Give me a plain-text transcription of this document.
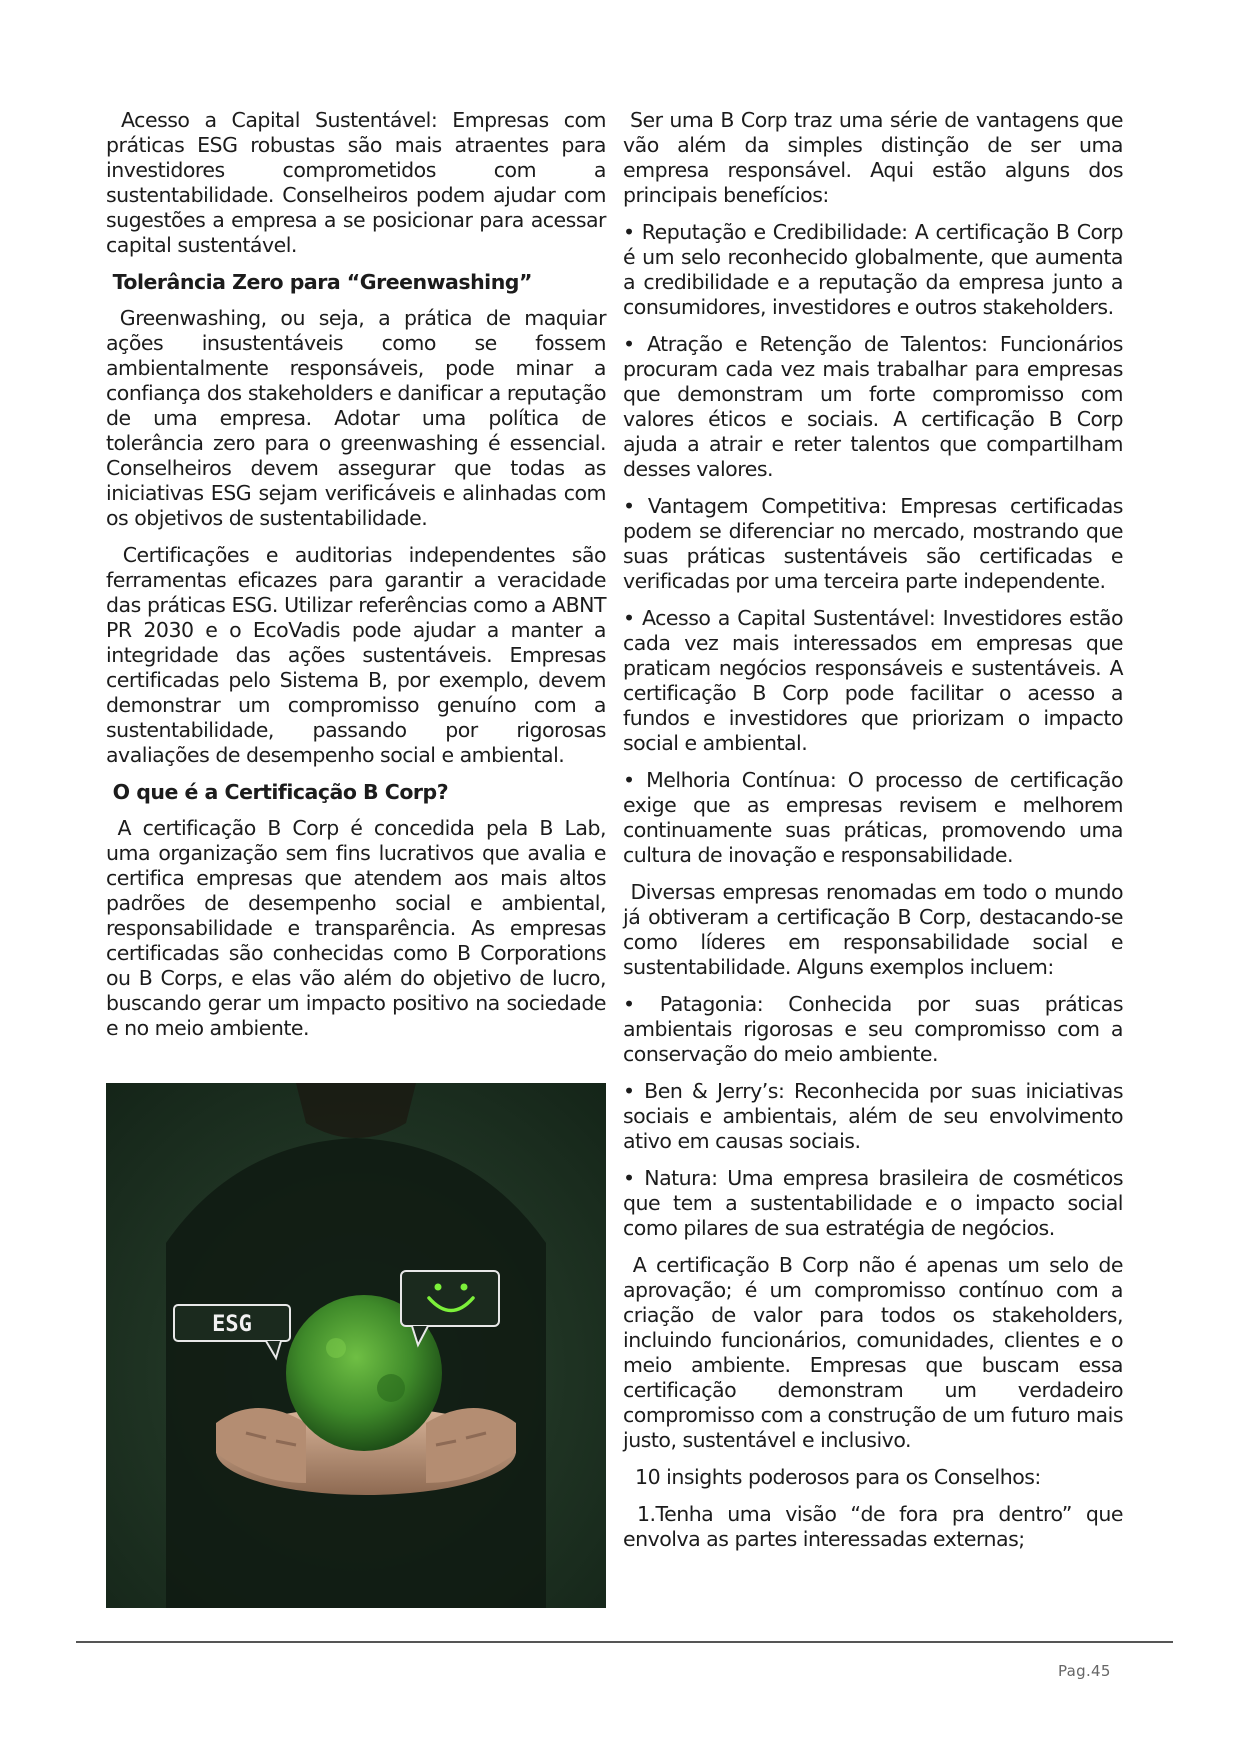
Acesso a Capital Sustentável: Empresas com práticas ESG robustas são mais atraentes para investidores comprometidos com a sustentabilidade. Conselheiros podem ajudar com sugestões a empresa a se posicionar para acessar capital sustentável.

Tolerância Zero para “Greenwashing”

Greenwashing, ou seja, a prática de maquiar ações insustentáveis como se fossem ambientalmente responsáveis, pode minar a confiança dos stakeholders e danificar a reputação de uma empresa. Adotar uma política de tolerância zero para o greenwashing é essencial. Conselheiros devem assegurar que todas as iniciativas ESG sejam verificáveis e alinhadas com os objetivos de sustentabilidade.

Certificações e auditorias independentes são ferramentas eficazes para garantir a veracidade das práticas ESG. Utilizar referências como a ABNT PR 2030 e o EcoVadis pode ajudar a manter a integridade das ações sustentáveis. Empresas certificadas pelo Sistema B, por exemplo, devem demonstrar um compromisso genuíno com a sustentabilidade, passando por rigorosas avaliações de desempenho social e ambiental.

O que é a Certificação B Corp?

A certificação B Corp é concedida pela B Lab, uma organização sem fins lucrativos que avalia e certifica empresas que atendem aos mais altos padrões de desempenho social e ambiental, responsabilidade e transparência. As empresas certificadas são conhecidas como B Corporations ou B Corps, e elas vão além do objetivo de lucro, buscando gerar um impacto positivo na sociedade e no meio ambiente.

ESG

Ser uma B Corp traz uma série de vantagens que vão além da simples distinção de ser uma empresa responsável. Aqui estão alguns dos principais benefícios:

• Reputação e Credibilidade: A certificação B Corp é um selo reconhecido globalmente, que aumenta a credibilidade e a reputação da empresa junto a consumidores, investidores e outros stakeholders.

• Atração e Retenção de Talentos: Funcionários procuram cada vez mais trabalhar para empresas que demonstram um forte compromisso com valores éticos e sociais. A certificação B Corp ajuda a atrair e reter talentos que compartilham desses valores.

• Vantagem Competitiva: Empresas certificadas podem se diferenciar no mercado, mostrando que suas práticas sustentáveis são certificadas e verificadas por uma terceira parte independente.

• Acesso a Capital Sustentável: Investidores estão cada vez mais interessados em empresas que praticam negócios responsáveis e sustentáveis. A certificação B Corp pode facilitar o acesso a fundos e investidores que priorizam o impacto social e ambiental.

• Melhoria Contínua: O processo de certificação exige que as empresas revisem e melhorem continuamente suas práticas, promovendo uma cultura de inovação e responsabilidade.

Diversas empresas renomadas em todo o mundo já obtiveram a certificação B Corp, destacando-se como líderes em responsabilidade social e sustentabilidade. Alguns exemplos incluem:

• Patagonia: Conhecida por suas práticas ambientais rigorosas e seu compromisso com a conservação do meio ambiente.

• Ben & Jerry’s: Reconhecida por suas iniciativas sociais e ambientais, além de seu envolvimento ativo em causas sociais.

• Natura: Uma empresa brasileira de cosméticos que tem a sustentabilidade e o impacto social como pilares de sua estratégia de negócios.

A certificação B Corp não é apenas um selo de aprovação; é um compromisso contínuo com a criação de valor para todos os stakeholders, incluindo funcionários, comunidades, clientes e o meio ambiente. Empresas que buscam essa certificação demonstram um verdadeiro compromisso com a construção de um futuro mais justo, sustentável e inclusivo.

10 insights poderosos para os Conselhos:

1.Tenha uma visão “de fora pra dentro” que envolva as partes interessadas externas;

Pag.45
